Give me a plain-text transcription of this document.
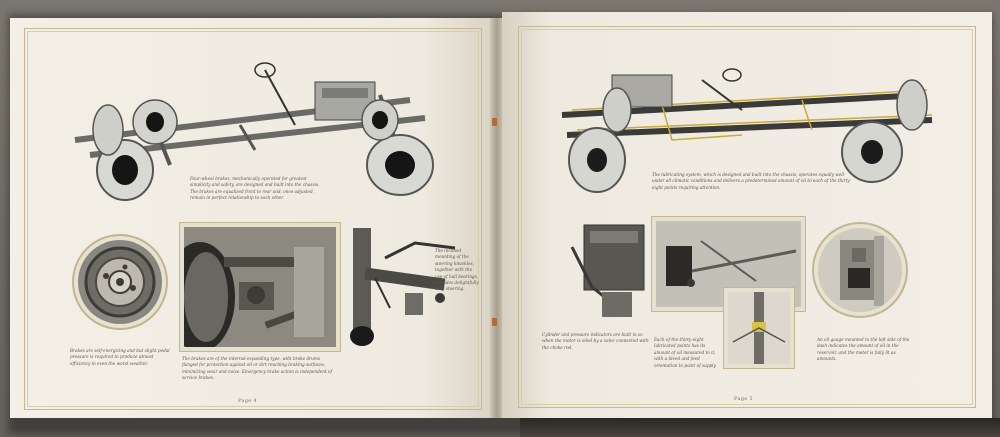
Four-wheel brakes, mechanically operated for greatest simplicity and safety, are designed and built into the chassis. The brakes are equalized front to rear and, once adjusted, remain in perfect relationship to each other.
Brakes are self-energizing and but slight pedal pressure is required to produce utmost efficiency in even the worst weather.
The brakes are of the internal-expanding type, with brake drums flanged for protection against oil or dirt reaching braking surfaces, minimizing wear and noise. Emergency brake action is independent of service brakes.
The inclined mounting of the steering knuckles, together with the use of ball bearings, provides delightfully easy steering.
Page 4
The lubricating system, which is designed and built into the chassis, operates equally well under all climatic conditions and delivers a predetermined amount of oil to each of the thirty-eight points requiring attention.
Cylinder and pressure indicators are built in so when the motor is oiled by a valve connected with the choke rod.
Each of the thirty-eight lubricated points has its amount of oil measured to it, with a bleed and feed orientation to point of supply.
An oil gauge mounted to the left side of the dash indicates the amount of oil in the reservoir, and the meter is fully lit as amounts.
Page 5
